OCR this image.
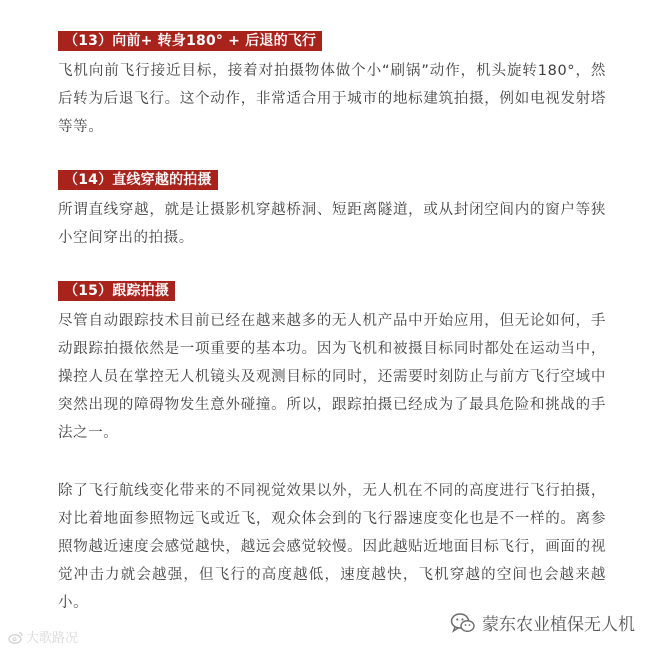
（13）向前+ 转身180° + 后退的飞行

飞机向前飞行接近目标，接着对拍摄物体做个小“刷锅”动作，机头旋转180°，然后转为后退飞行。这个动作，非常适合用于城市的地标建筑拍摄，例如电视发射塔等等。

（14）直线穿越的拍摄

所谓直线穿越，就是让摄影机穿越桥洞、短距离隧道，或从封闭空间内的窗户等狭小空间穿出的拍摄。

（15）跟踪拍摄

尽管自动跟踪技术目前已经在越来越多的无人机产品中开始应用，但无论如何，手动跟踪拍摄依然是一项重要的基本功。因为飞机和被摄目标同时都处在运动当中，操控人员在掌控无人机镜头及观测目标的同时，还需要时刻防止与前方飞行空域中突然出现的障碍物发生意外碰撞。所以，跟踪拍摄已经成为了最具危险和挑战的手法之一。

除了飞行航线变化带来的不同视觉效果以外，无人机在不同的高度进行飞行拍摄，对比着地面参照物远飞或近飞，观众体会到的飞行器速度变化也是不一样的。离参照物越近速度会感觉越快，越远会感觉较慢。因此越贴近地面目标飞行，画面的视觉冲击力就会越强，但飞行的高度越低，速度越快，飞机穿越的空间也会越来越小。

大歌路况
蒙东农业植保无人机
